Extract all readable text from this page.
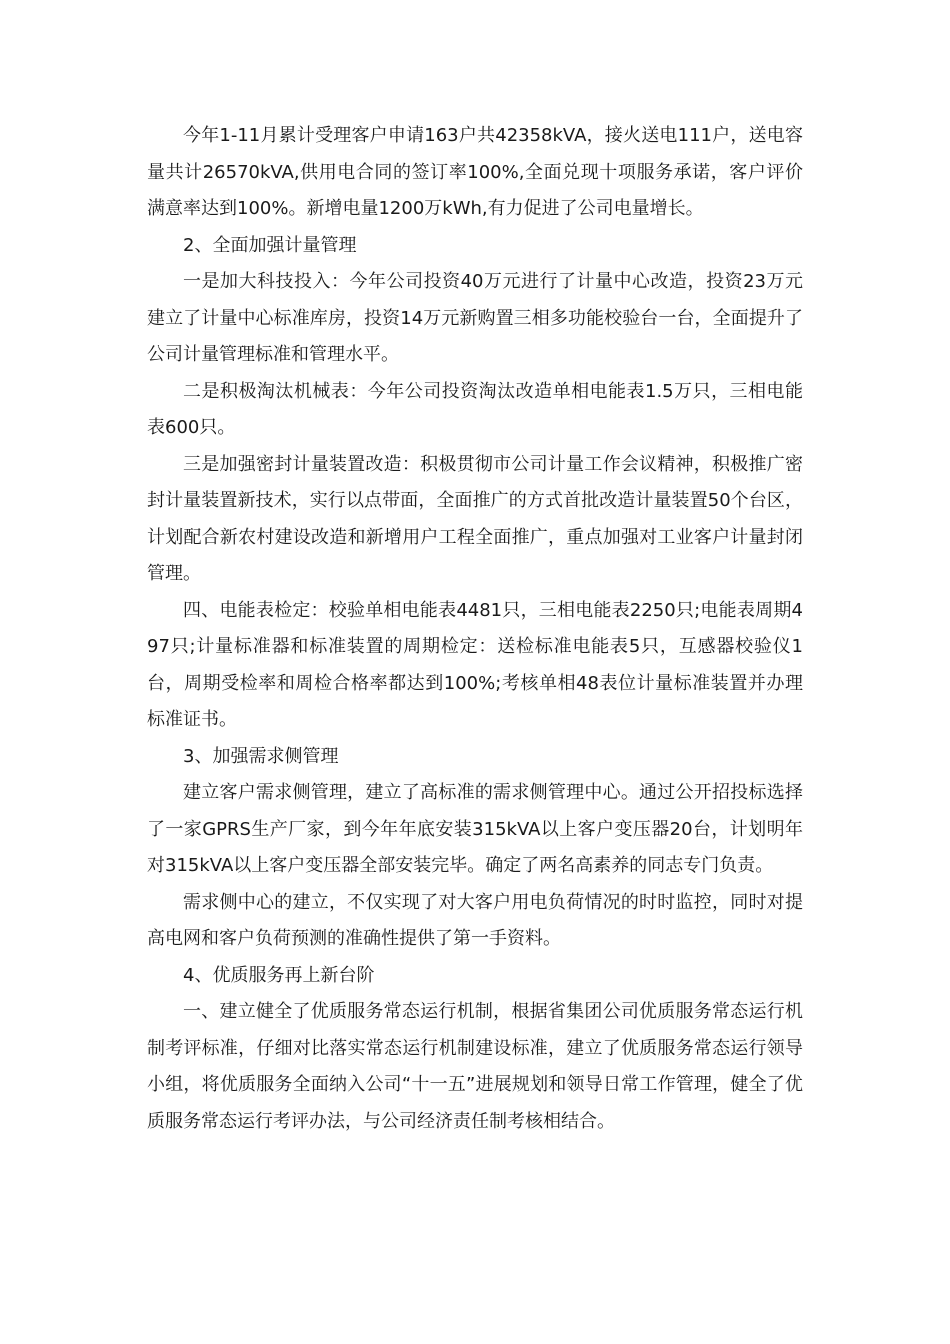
今年1-11月累计受理客户申请163户共42358kVA，接火送电111户，送电容量共计26570kVA,供用电合同的签订率100%,全面兑现十项服务承诺，客户评价满意率达到100%。新增电量1200万kWh,有力促进了公司电量增长。

2、全面加强计量管理

一是加大科技投入：今年公司投资40万元进行了计量中心改造，投资23万元建立了计量中心标准库房，投资14万元新购置三相多功能校验台一台，全面提升了公司计量管理标准和管理水平。

二是积极淘汰机械表：今年公司投资淘汰改造单相电能表1.5万只，三相电能表600只。

三是加强密封计量装置改造：积极贯彻市公司计量工作会议精神，积极推广密封计量装置新技术，实行以点带面，全面推广的方式首批改造计量装置50个台区，计划配合新农村建设改造和新增用户工程全面推广，重点加强对工业客户计量封闭管理。

四、电能表检定：校验单相电能表4481只，三相电能表2250只;电能表周期497只;计量标准器和标准装置的周期检定：送检标准电能表5只，互感器校验仪1台，周期受检率和周检合格率都达到100%;考核单相48表位计量标准装置并办理标准证书。

3、加强需求侧管理

建立客户需求侧管理，建立了高标准的需求侧管理中心。通过公开招投标选择了一家GPRS生产厂家，到今年年底安装315kVA以上客户变压器20台，计划明年对315kVA以上客户变压器全部安装完毕。确定了两名高素养的同志专门负责。

需求侧中心的建立，不仅实现了对大客户用电负荷情况的时时监控，同时对提高电网和客户负荷预测的准确性提供了第一手资料。

4、优质服务再上新台阶

一、建立健全了优质服务常态运行机制，根据省集团公司优质服务常态运行机制考评标准，仔细对比落实常态运行机制建设标准，建立了优质服务常态运行领导小组，将优质服务全面纳入公司“十一五”进展规划和领导日常工作管理，健全了优质服务常态运行考评办法，与公司经济责任制考核相结合。
